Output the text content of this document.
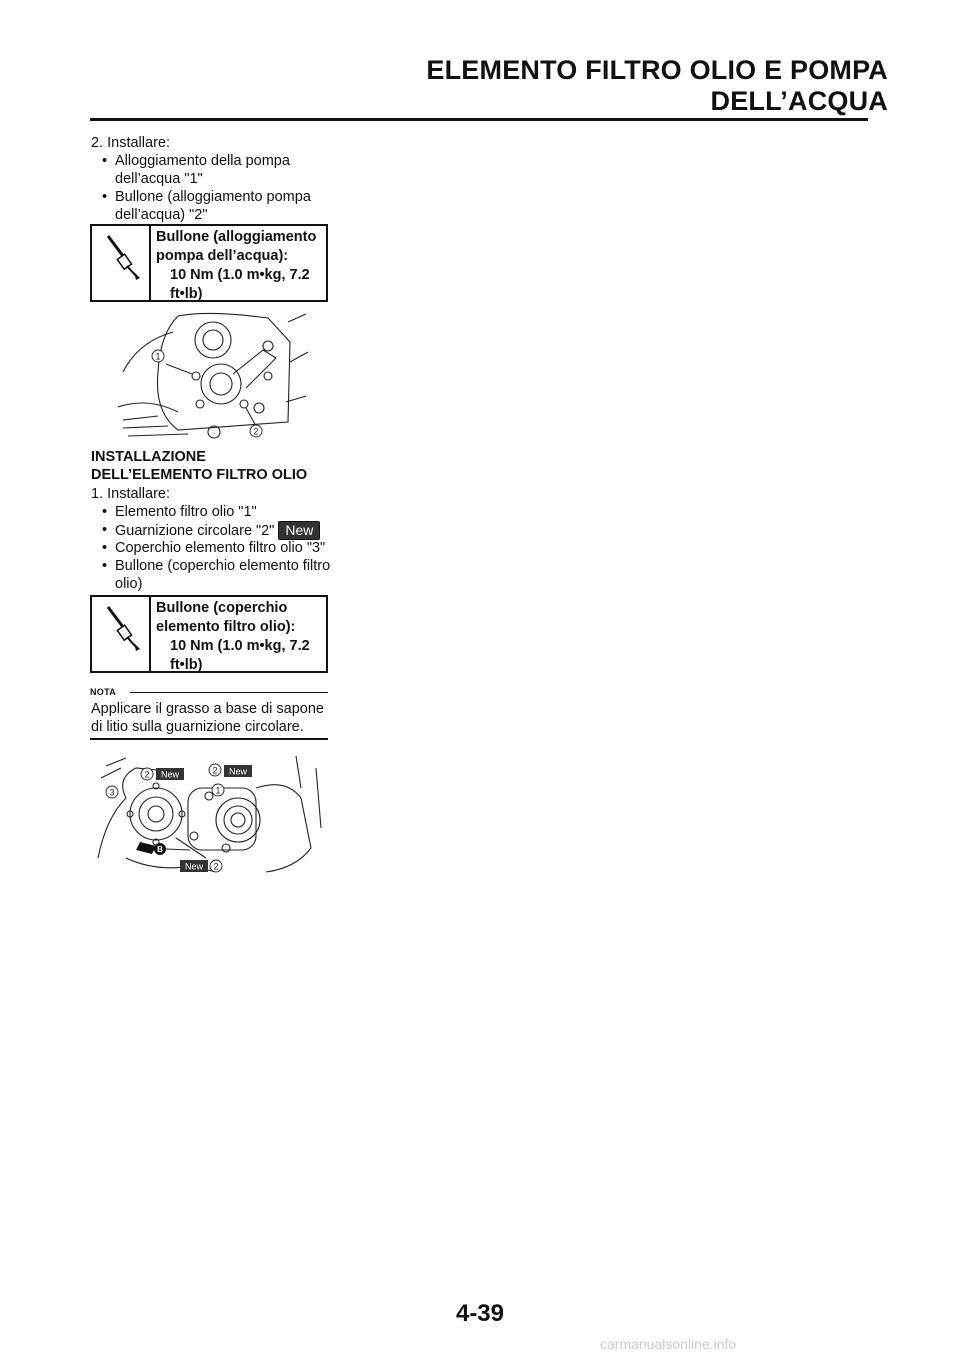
ELEMENTO FILTRO OLIO E POMPA DELL’ACQUA
2. Installare:
• Alloggiamento della pompa dell’acqua "1"
• Bullone (alloggiamento pompa dell’acqua) "2"
Bullone (alloggiamento pompa dell’acqua):
10 Nm (1.0 m•kg, 7.2 ft•lb)
1
2
INSTALLAZIONE
DELL’ELEMENTO FILTRO OLIO
1. Installare:
• Elemento filtro olio "1"
• Guarnizione circolare "2" New
• Coperchio elemento filtro olio "3"
• Bullone (coperchio elemento filtro olio)
Bullone (coperchio elemento filtro olio):
10 Nm (1.0 m•kg, 7.2 ft•lb)
NOTA
Applicare il grasso a base di sapone di litio sulla guarnizione circolare.
B
2 New	2 New
3	1
New 2
4-39
carmanualsonline.info
